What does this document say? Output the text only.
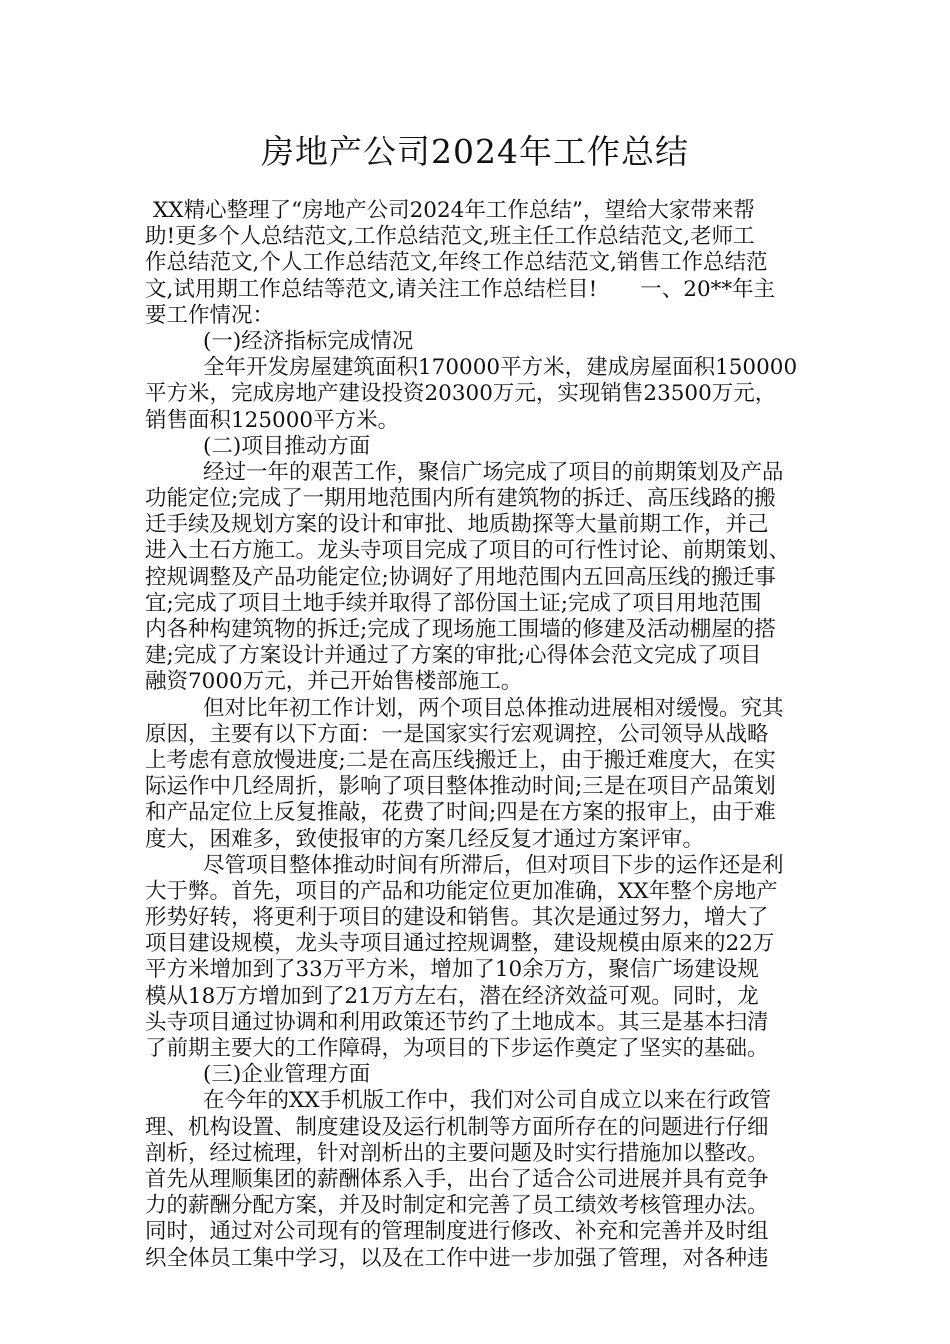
房地产公司2024年工作总结
XX精心整理了“房地产公司2024年工作总结”，望给大家带来帮
助!更多个人总结范文,工作总结范文,班主任工作总结范文,老师工
作总结范文,个人工作总结范文,年终工作总结范文,销售工作总结范
文,试用期工作总结等范文,请关注工作总结栏目!　　一、20**年主
要工作情况：
(一)经济指标完成情况
全年开发房屋建筑面积170000平方米，建成房屋面积150000
平方米，完成房地产建设投资20300万元，实现销售23500万元，
销售面积125000平方米。
(二)项目推动方面
经过一年的艰苦工作，聚信广场完成了项目的前期策划及产品
功能定位;完成了一期用地范围内所有建筑物的拆迁、高压线路的搬
迁手续及规划方案的设计和审批、地质勘探等大量前期工作，并己
进入土石方施工。龙头寺项目完成了项目的可行性讨论、前期策划、
控规调整及产品功能定位;协调好了用地范围内五回高压线的搬迁事
宜;完成了项目土地手续并取得了部份国土证;完成了项目用地范围
内各种构建筑物的拆迁;完成了现场施工围墙的修建及活动棚屋的搭
建;完成了方案设计并通过了方案的审批;心得体会范文完成了项目
融资7000万元，并己开始售楼部施工。
但对比年初工作计划，两个项目总体推动进展相对缓慢。究其
原因，主要有以下方面：一是国家实行宏观调控，公司领导从战略
上考虑有意放慢进度;二是在高压线搬迁上，由于搬迁难度大，在实
际运作中几经周折，影响了项目整体推动时间;三是在项目产品策划
和产品定位上反复推敲，花费了时间;四是在方案的报审上，由于难
度大，困难多，致使报审的方案几经反复才通过方案评审。
尽管项目整体推动时间有所滞后，但对项目下步的运作还是利
大于弊。首先，项目的产品和功能定位更加准确，XX年整个房地产
形势好转，将更利于项目的建设和销售。其次是通过努力，增大了
项目建设规模，龙头寺项目通过控规调整，建设规模由原来的22万
平方米增加到了33万平方米，增加了10余万方，聚信广场建设规
模从18万方增加到了21万方左右，潜在经济效益可观。同时，龙
头寺项目通过协调和利用政策还节约了土地成本。其三是基本扫清
了前期主要大的工作障碍，为项目的下步运作奠定了坚实的基础。
(三)企业管理方面
在今年的XX手机版工作中，我们对公司自成立以来在行政管
理、机构设置、制度建设及运行机制等方面所存在的问题进行仔细
剖析，经过梳理，针对剖析出的主要问题及时实行措施加以整改。
首先从理顺集团的薪酬体系入手，出台了适合公司进展并具有竞争
力的薪酬分配方案，并及时制定和完善了员工绩效考核管理办法。
同时，通过对公司现有的管理制度进行修改、补充和完善并及时组
织全体员工集中学习，以及在工作中进一步加强了管理，对各种违
